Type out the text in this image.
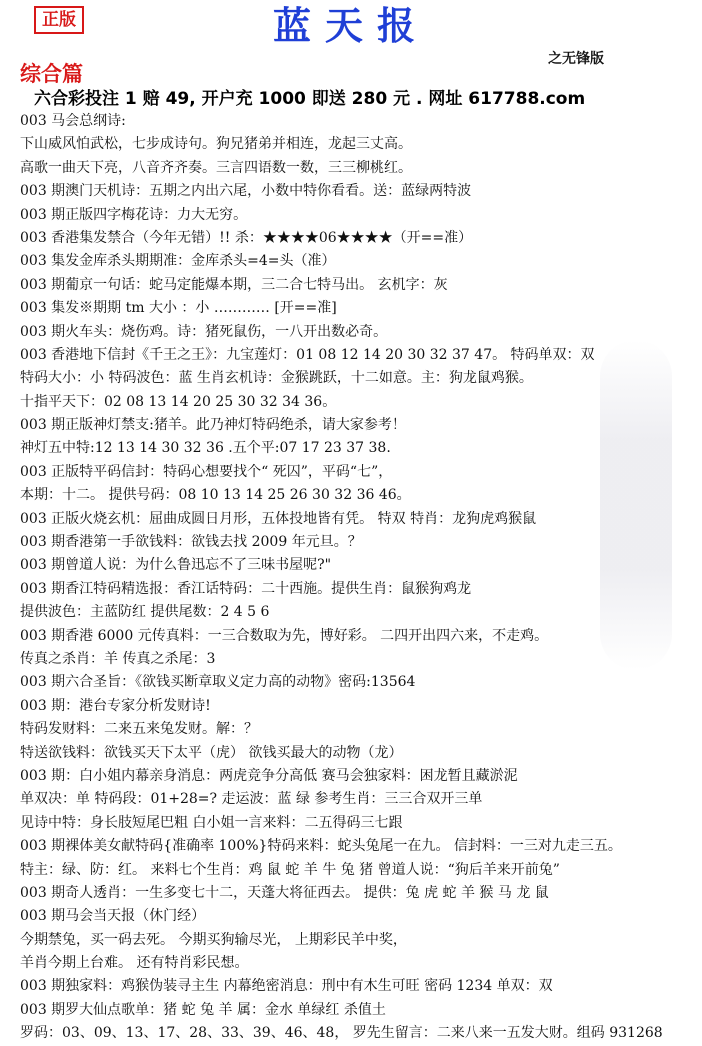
正版	蓝天报
之无锋版
综合篇
六合彩投注 1 赔 49, 开户充 1000 即送 280 元 . 网址 617788.com
003 马会总纲诗:
下山威风怕武松，七步成诗句。狗兄猪弟并相连，龙起三丈高。
高歌一曲天下亮，八音齐齐奏。三言四语数一数，三三柳桃红。
003 期澳门天机诗：五期之内出六尾，小数中特你看看。送：蓝绿两特波
003 期正版四字梅花诗：力大无穷。
003 香港集发禁合（今年无错）!! 杀：★★★★06★★★★（开==准）
003 集发金库杀头期期准：金库杀头=4=头（准）
003 期葡京一句话：蛇马定能爆本期，三二合七特马出。 玄机字：灰
003 集发※期期 tm 大小 ：小 ………… [开==准]
003 期火车头：烧伤鸡。诗：猪死鼠伤，一八开出数必奇。
003 香港地下信封《千王之王》：九宝莲灯：01 08 12 14 20 30 32 37 47。 特码单双：双
特码大小：小 特码波色：蓝 生肖玄机诗：金猴跳跃，十二如意。主：狗龙鼠鸡猴。
十指平天下：02 08 13 14 20 25 30 32 34 36。
003 期正版神灯禁支:猪羊。此乃神灯特码绝杀，请大家参考！
神灯五中特:12 13 14 30 32 36 .五个平:07 17 23 37 38.
003 正版特平码信封：特码心想要找个“ 死囚”，平码“七”，
本期：十二。 提供号码：08 10 13 14 25 26 30 32 36 46。
003 正版火烧玄机：屈曲成圆日月形，五体投地皆有凭。 特双 特肖：龙狗虎鸡猴鼠
003 期香港第一手欲钱料：欲钱去找 2009 年元旦。？
003 期曾道人说：为什么鲁迅忘不了三味书屋呢?"
003 期香江特码精选报：香江话特码：二十西施。提供生肖：鼠猴狗鸡龙
提供波色：主蓝防红 提供尾数：2 4 5 6
003 期香港 6000 元传真料：一三合数取为先，博好彩。 二四开出四六来，不走鸡。
传真之杀肖：羊 传真之杀尾：3
003 期六合圣旨：《欲钱买断章取义定力高的动物》密码:13564
003 期：港台专家分析发财诗!
特码发财料：二来五来兔发财。解：？
特送欲钱料：欲钱买天下太平（虎） 欲钱买最大的动物（龙）
003 期：白小姐内幕亲身消息：两虎竞争分高低 赛马会独家料：困龙暂且藏淤泥
单双决：单 特码段：01+28=? 走运波：蓝 绿 参考生肖：三三合双开三单
见诗中特：身长肢短尾巴粗 白小姐一言来料：二五得码三七跟
003 期裸体美女献特码{准确率 100%}特码来料：蛇头兔尾一在九。 信封料：一三对九走三五。
特主：绿、防：红。 来料七个生肖：鸡 鼠 蛇 羊 牛 兔 猪 曾道人说：“狗后羊来开前兔”
003 期奇人透肖：一生多变七十二，天蓬大将征西去。 提供：兔 虎 蛇 羊 猴 马 龙 鼠
003 期马会当天报（休门经）
今期禁兔，买一码去死。 今期买狗输尽光， 上期彩民羊中奖，
羊肖今期上台难。 还有特肖彩民想。
003 期独家料：鸡猴伪装寻主生 内幕绝密消息：刑中有木生可旺 密码 1234 单双：双
003 期罗大仙点歌单：猪 蛇 兔 羊 属：金水 单绿红 杀值土
罗码：03、09、13、17、28、33、39、46、48， 罗先生留言：二来八来一五发大财。组码 931268
